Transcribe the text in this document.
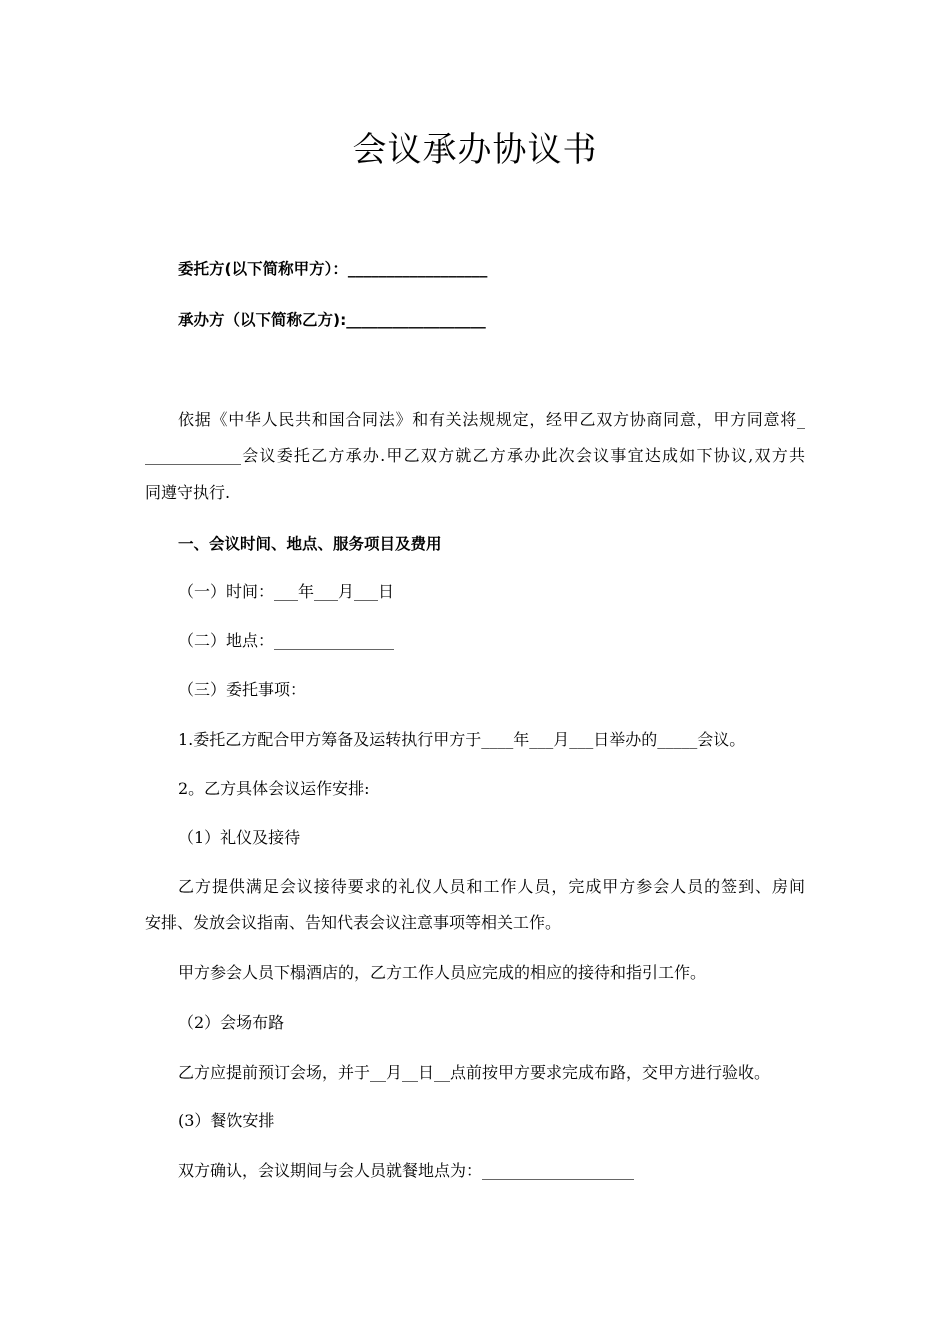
会议承办协议书
委托方(以下简称甲方）：__________________
承办方（以下简称乙方):__________________
依据《中华人民共和国合同法》和有关法规规定，经甲乙双方协商同意，甲方同意将_
____________会议委托乙方承办.甲乙双方就乙方承办此次会议事宜达成如下协议,双方共
同遵守执行.
一、会议时间、地点、服务项目及费用
（一）时间：___年___月___日
（二）地点：_______________
（三）委托事项：
1.委托乙方配合甲方筹备及运转执行甲方于____年___月___日举办的_____会议。
2。乙方具体会议运作安排:
（1）礼仪及接待
乙方提供满足会议接待要求的礼仪人员和工作人员，完成甲方参会人员的签到、房间
安排、发放会议指南、告知代表会议注意事项等相关工作。
甲方参会人员下榻酒店的，乙方工作人员应完成的相应的接待和指引工作。
（2）会场布路
乙方应提前预订会场，并于__月__日__点前按甲方要求完成布路，交甲方进行验收。
(3）餐饮安排
双方确认，会议期间与会人员就餐地点为：___________________
